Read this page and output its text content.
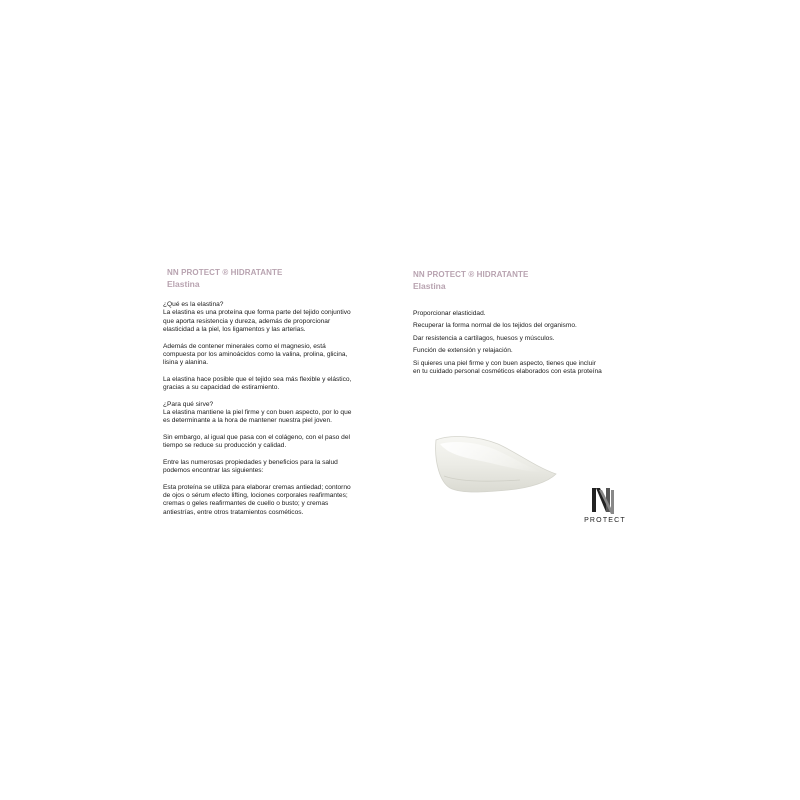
NN PROTECT ® HIDRATANTE
Elastina

¿Qué es la elastina?
La elastina es una proteína que forma parte del tejido conjuntivo
que aporta resistencia y dureza, además de proporcionar
elasticidad a la piel, los ligamentos y las arterias.

Además de contener minerales como el magnesio, está
compuesta por los aminoácidos como la valina, prolina, glicina,
lisina y alanina.

La elastina hace posible que el tejido sea más flexible y elástico,
gracias a su capacidad de estiramiento.

¿Para qué sirve?
La elastina mantiene la piel firme y con buen aspecto, por lo que
es determinante a la hora de mantener nuestra piel joven.

Sin embargo, al igual que pasa con el colágeno, con el paso del
tiempo se reduce su producción y calidad.

Entre las numerosas propiedades y beneficios para la salud
podemos encontrar las siguientes:

Esta proteína se utiliza para elaborar cremas antiedad; contorno
de ojos o sérum efecto lifting, lociones corporales reafirmantes;
cremas o geles reafirmantes de cuello o busto; y cremas
antiestrías, entre otros tratamientos cosméticos.

NN PROTECT ® HIDRATANTE
Elastina
Proporcionar elasticidad.
Recuperar la forma normal de los tejidos del organismo.
Dar resistencia a cartílagos, huesos y músculos.
Función de extensión y relajación.
Si quieres una piel firme y con buen aspecto, tienes que incluir
en tu cuidado personal cosméticos elaborados con esta proteína
PROTECT
